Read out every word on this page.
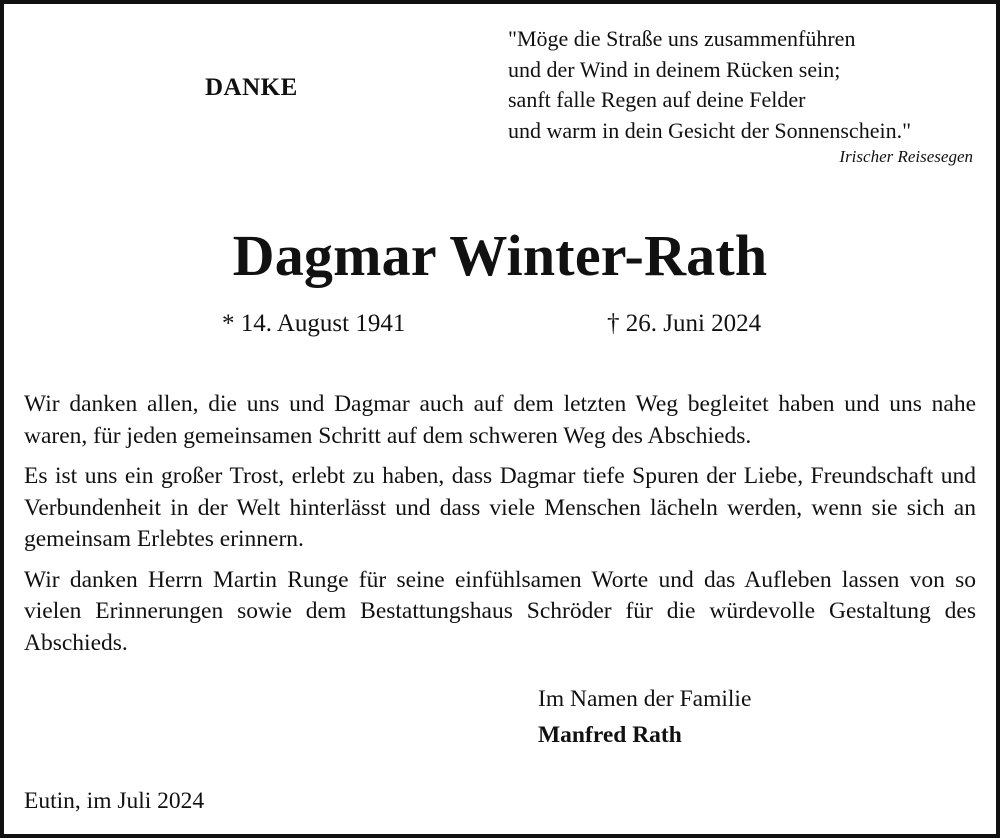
DANKE
"Möge die Straße uns zusammenführen
und der Wind in deinem Rücken sein;
sanft falle Regen auf deine Felder
und warm in dein Gesicht der Sonnenschein."
Irischer Reisesegen
Dagmar Winter-Rath
* 14. August 1941	† 26. Juni 2024

Wir danken allen, die uns und Dagmar auch auf dem letzten Weg begleitet haben und uns nahe waren, für jeden gemeinsamen Schritt auf dem schweren Weg des Abschieds.

Es ist uns ein großer Trost, erlebt zu haben, dass Dagmar tiefe Spuren der Liebe, Freundschaft und Verbundenheit in der Welt hinterlässt und dass viele Menschen lächeln werden, wenn sie sich an gemeinsam Erlebtes erinnern.

Wir danken Herrn Martin Runge für seine einfühlsamen Worte und das Aufleben lassen von so vielen Erinnerungen sowie dem Bestattungshaus Schröder für die würdevolle Gestaltung des Abschieds.

Im Namen der Familie
Manfred Rath
Eutin, im Juli 2024
